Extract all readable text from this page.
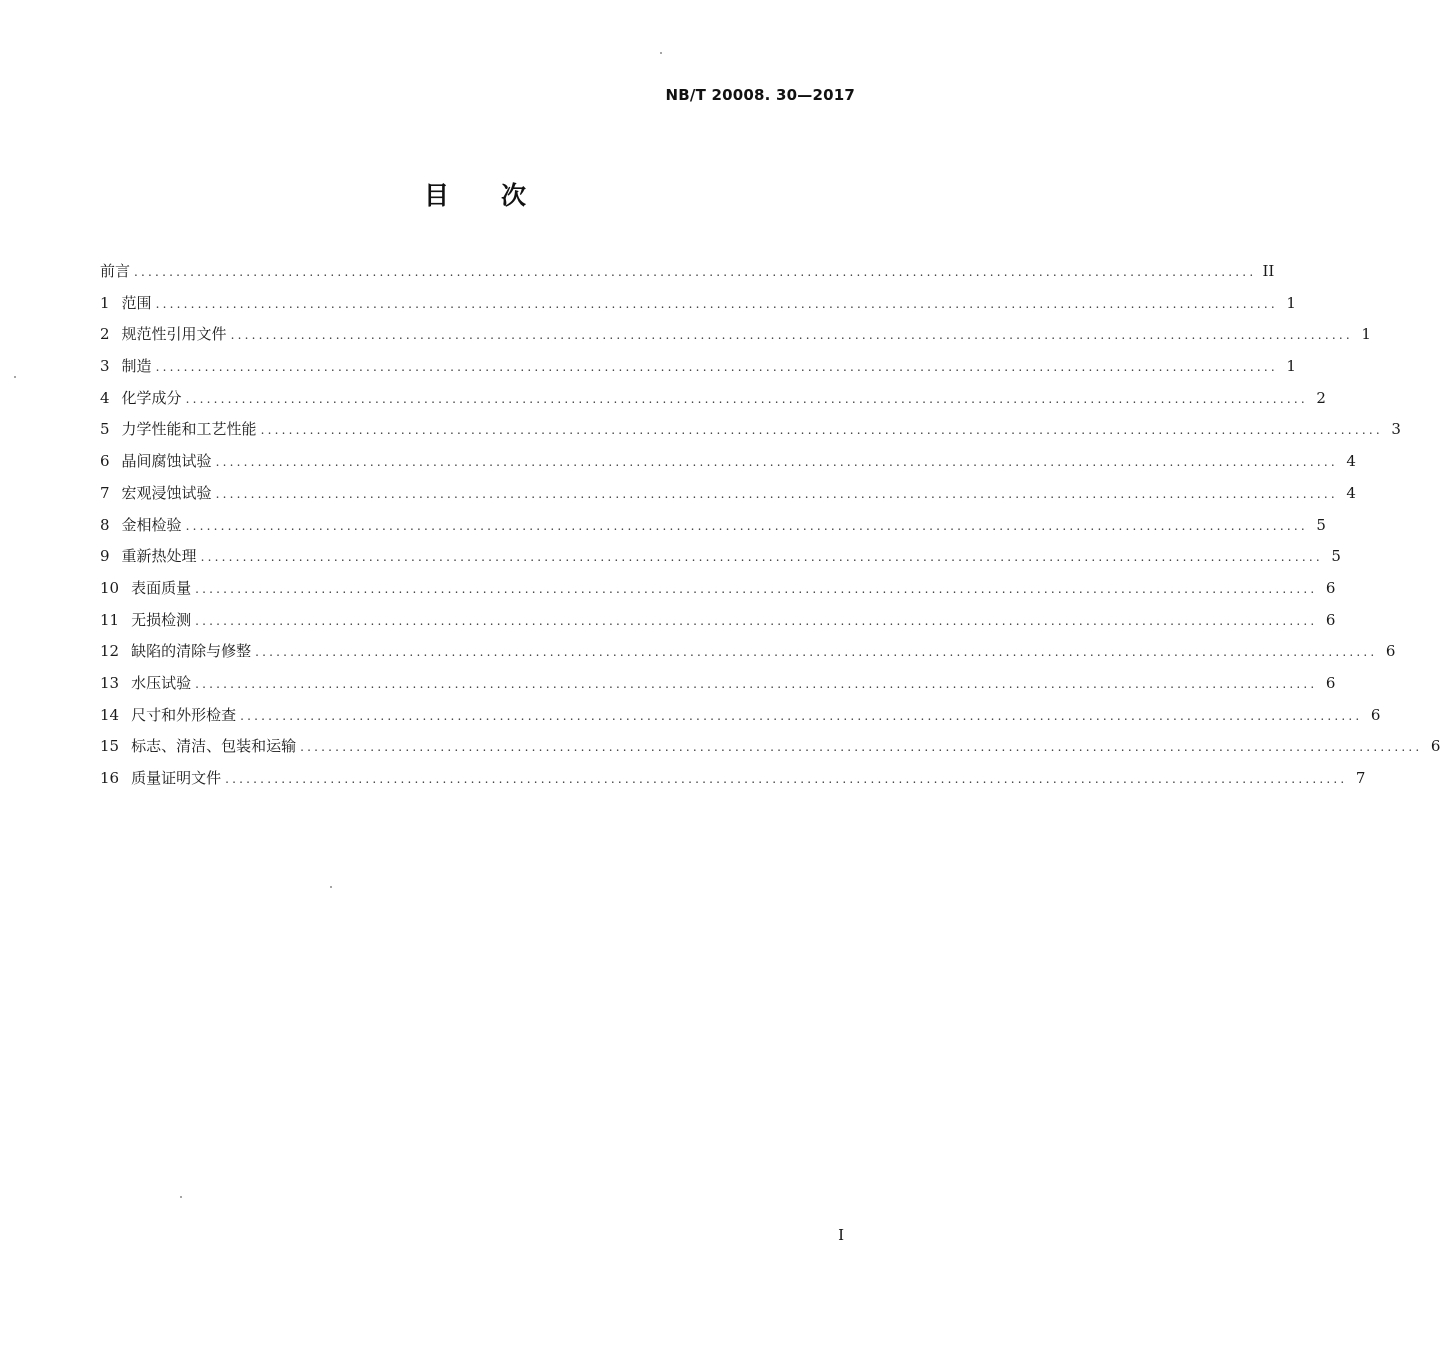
NB/T 20008. 30—2017
目 次
前言 ................................................................................................................................................................ II
1 范围 ................................................................................................................................................................ 1
2 规范性引用文件 ................................................................................................................................................................ 1
3 制造 ................................................................................................................................................................ 1
4 化学成分 ................................................................................................................................................................ 2
5 力学性能和工艺性能 ................................................................................................................................................................ 3
6 晶间腐蚀试验 ................................................................................................................................................................ 4
7 宏观浸蚀试验 ................................................................................................................................................................ 4
8 金相检验 ................................................................................................................................................................ 5
9 重新热处理 ................................................................................................................................................................ 5
10 表面质量 ................................................................................................................................................................ 6
11 无损检测 ................................................................................................................................................................ 6
12 缺陷的清除与修整 ................................................................................................................................................................ 6
13 水压试验 ................................................................................................................................................................ 6
14 尺寸和外形检查 ................................................................................................................................................................ 6
15 标志、清洁、包装和运输 ................................................................................................................................................................ 6
16 质量证明文件 ................................................................................................................................................................ 7
I
